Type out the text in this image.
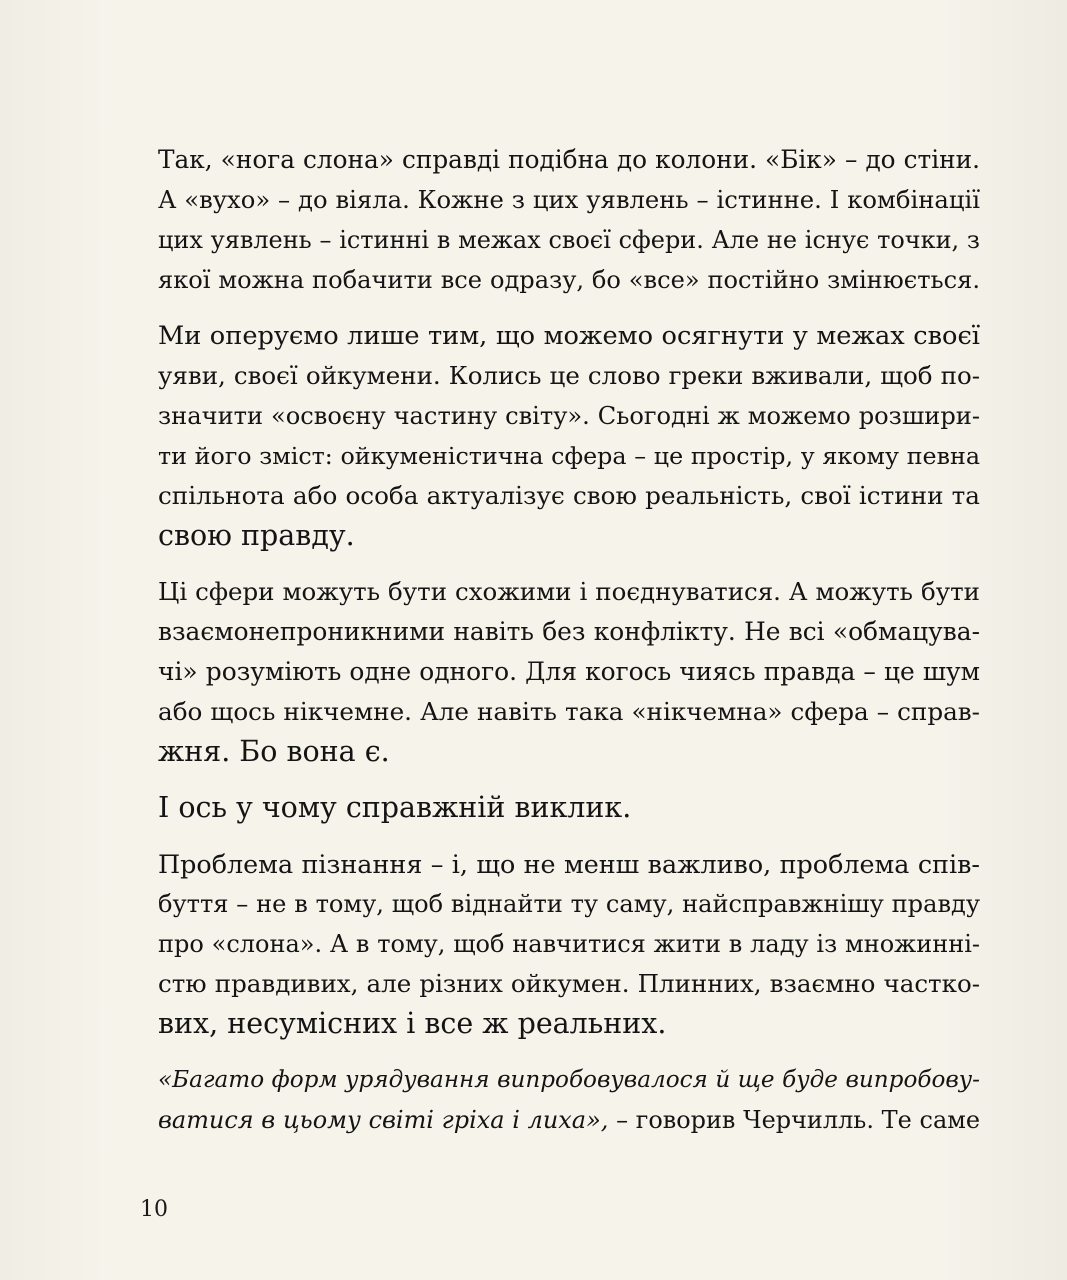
Так, «нога слона» справді подібна до колони. «Бік» – до стіни.
А «вухо» – до віяла. Кожне з цих уявлень – істинне. І комбінації
цих уявлень – істинні в межах своєї сфери. Але не існує точки, з
якої можна побачити все одразу, бо «все» постійно змінюється.

Ми оперуємо лише тим, що можемо осягнути у межах своєї
уяви, своєї ойкумени. Колись це слово греки вживали, щоб по-
значити «освоєну частину світу». Сьогодні ж можемо розшири-
ти його зміст: ойкуменістична сфера – це простір, у якому певна
спільнота або особа актуалізує свою реальність, свої істини та
свою правду.

Ці сфери можуть бути схожими і поєднуватися. А можуть бути
взаємонепроникними навіть без конфлікту. Не всі «обмацува-
чі» розуміють одне одного. Для когось чиясь правда – це шум
або щось нікчемне. Але навіть така «нікчемна» сфера – справ-
жня. Бо вона є.

І ось у чому справжній виклик.

Проблема пізнання – і, що не менш важливо, проблема спів-
буття – не в тому, щоб віднайти ту саму, найсправжнішу правду
про «слона». А в тому, щоб навчитися жити в ладу із множинні-
стю правдивих, але різних ойкумен. Плинних, взаємно частко-
вих, несумісних і все ж реальних.

«Багато форм урядування випробовувалося й ще буде випробову-
ватися в цьому світі гріха і лиха», – говорив Черчилль. Те саме

10
